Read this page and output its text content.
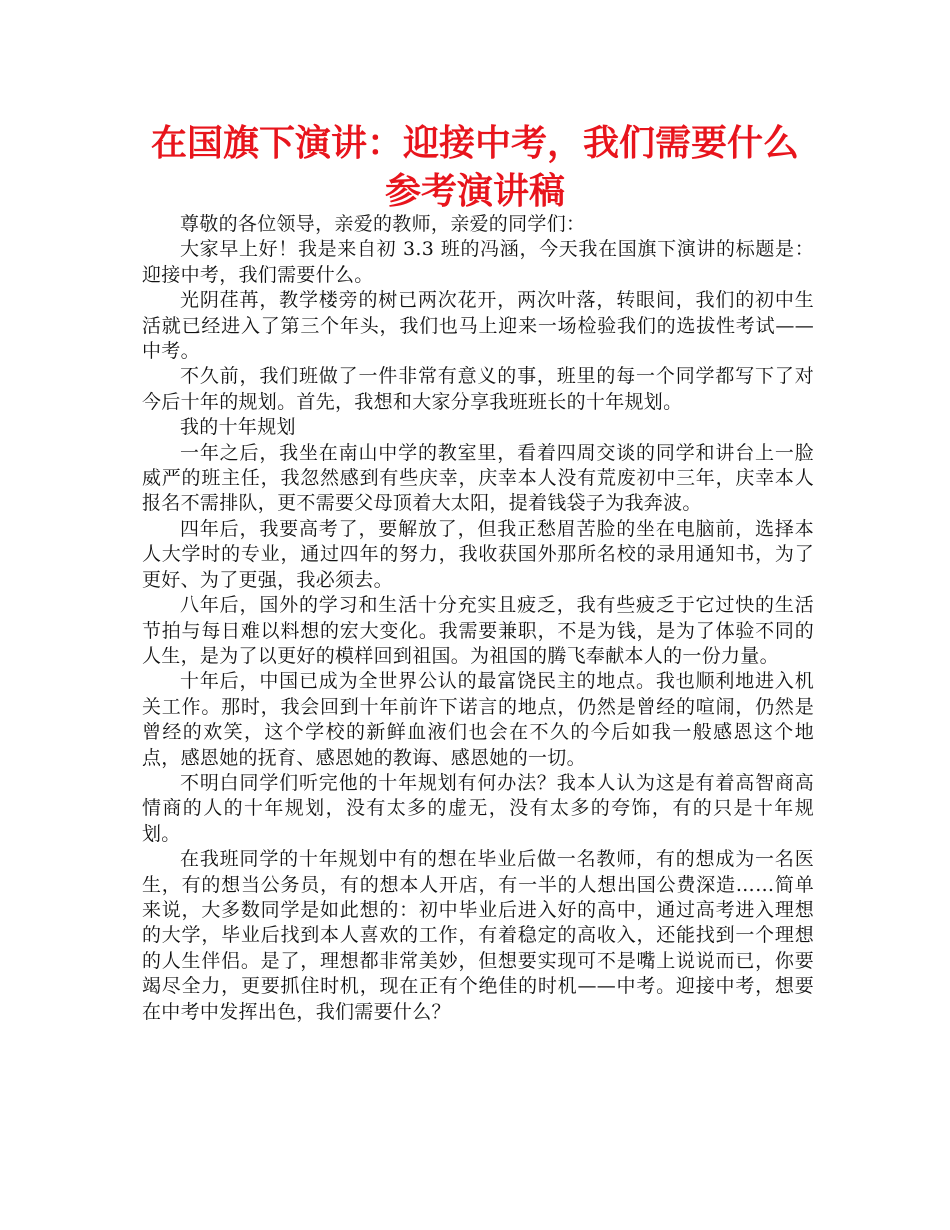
在国旗下演讲：迎接中考，我们需要什么
参考演讲稿

尊敬的各位领导，亲爱的教师，亲爱的同学们：

大家早上好！我是来自初 3.3 班的冯涵，今天我在国旗下演讲的标题是：迎接中考，我们需要什么。

光阴荏苒，教学楼旁的树已两次花开，两次叶落，转眼间，我们的初中生活就已经进入了第三个年头，我们也马上迎来一场检验我们的选拔性考试——中考。

不久前，我们班做了一件非常有意义的事，班里的每一个同学都写下了对今后十年的规划。首先，我想和大家分享我班班长的十年规划。

我的十年规划

一年之后，我坐在南山中学的教室里，看着四周交谈的同学和讲台上一脸威严的班主任，我忽然感到有些庆幸，庆幸本人没有荒废初中三年，庆幸本人报名不需排队，更不需要父母顶着大太阳，提着钱袋子为我奔波。

四年后，我要高考了，要解放了，但我正愁眉苦脸的坐在电脑前，选择本人大学时的专业，通过四年的努力，我收获国外那所名校的录用通知书，为了更好、为了更强，我必须去。

八年后，国外的学习和生活十分充实且疲乏，我有些疲乏于它过快的生活节拍与每日难以料想的宏大变化。我需要兼职，不是为钱，是为了体验不同的人生，是为了以更好的模样回到祖国。为祖国的腾飞奉献本人的一份力量。

十年后，中国已成为全世界公认的最富饶民主的地点。我也顺利地进入机关工作。那时，我会回到十年前许下诺言的地点，仍然是曾经的喧闹，仍然是曾经的欢笑，这个学校的新鲜血液们也会在不久的今后如我一般感恩这个地点，感恩她的抚育、感恩她的教诲、感恩她的一切。

不明白同学们听完他的十年规划有何办法？我本人认为这是有着高智商高情商的人的十年规划，没有太多的虚无，没有太多的夸饰，有的只是十年规划。

在我班同学的十年规划中有的想在毕业后做一名教师，有的想成为一名医生，有的想当公务员，有的想本人开店，有一半的人想出国公费深造……简单来说，大多数同学是如此想的：初中毕业后进入好的高中，通过高考进入理想的大学，毕业后找到本人喜欢的工作，有着稳定的高收入，还能找到一个理想的人生伴侣。是了，理想都非常美妙，但想要实现可不是嘴上说说而已，你要竭尽全力，更要抓住时机，现在正有个绝佳的时机——中考。迎接中考，想要在中考中发挥出色，我们需要什么？
